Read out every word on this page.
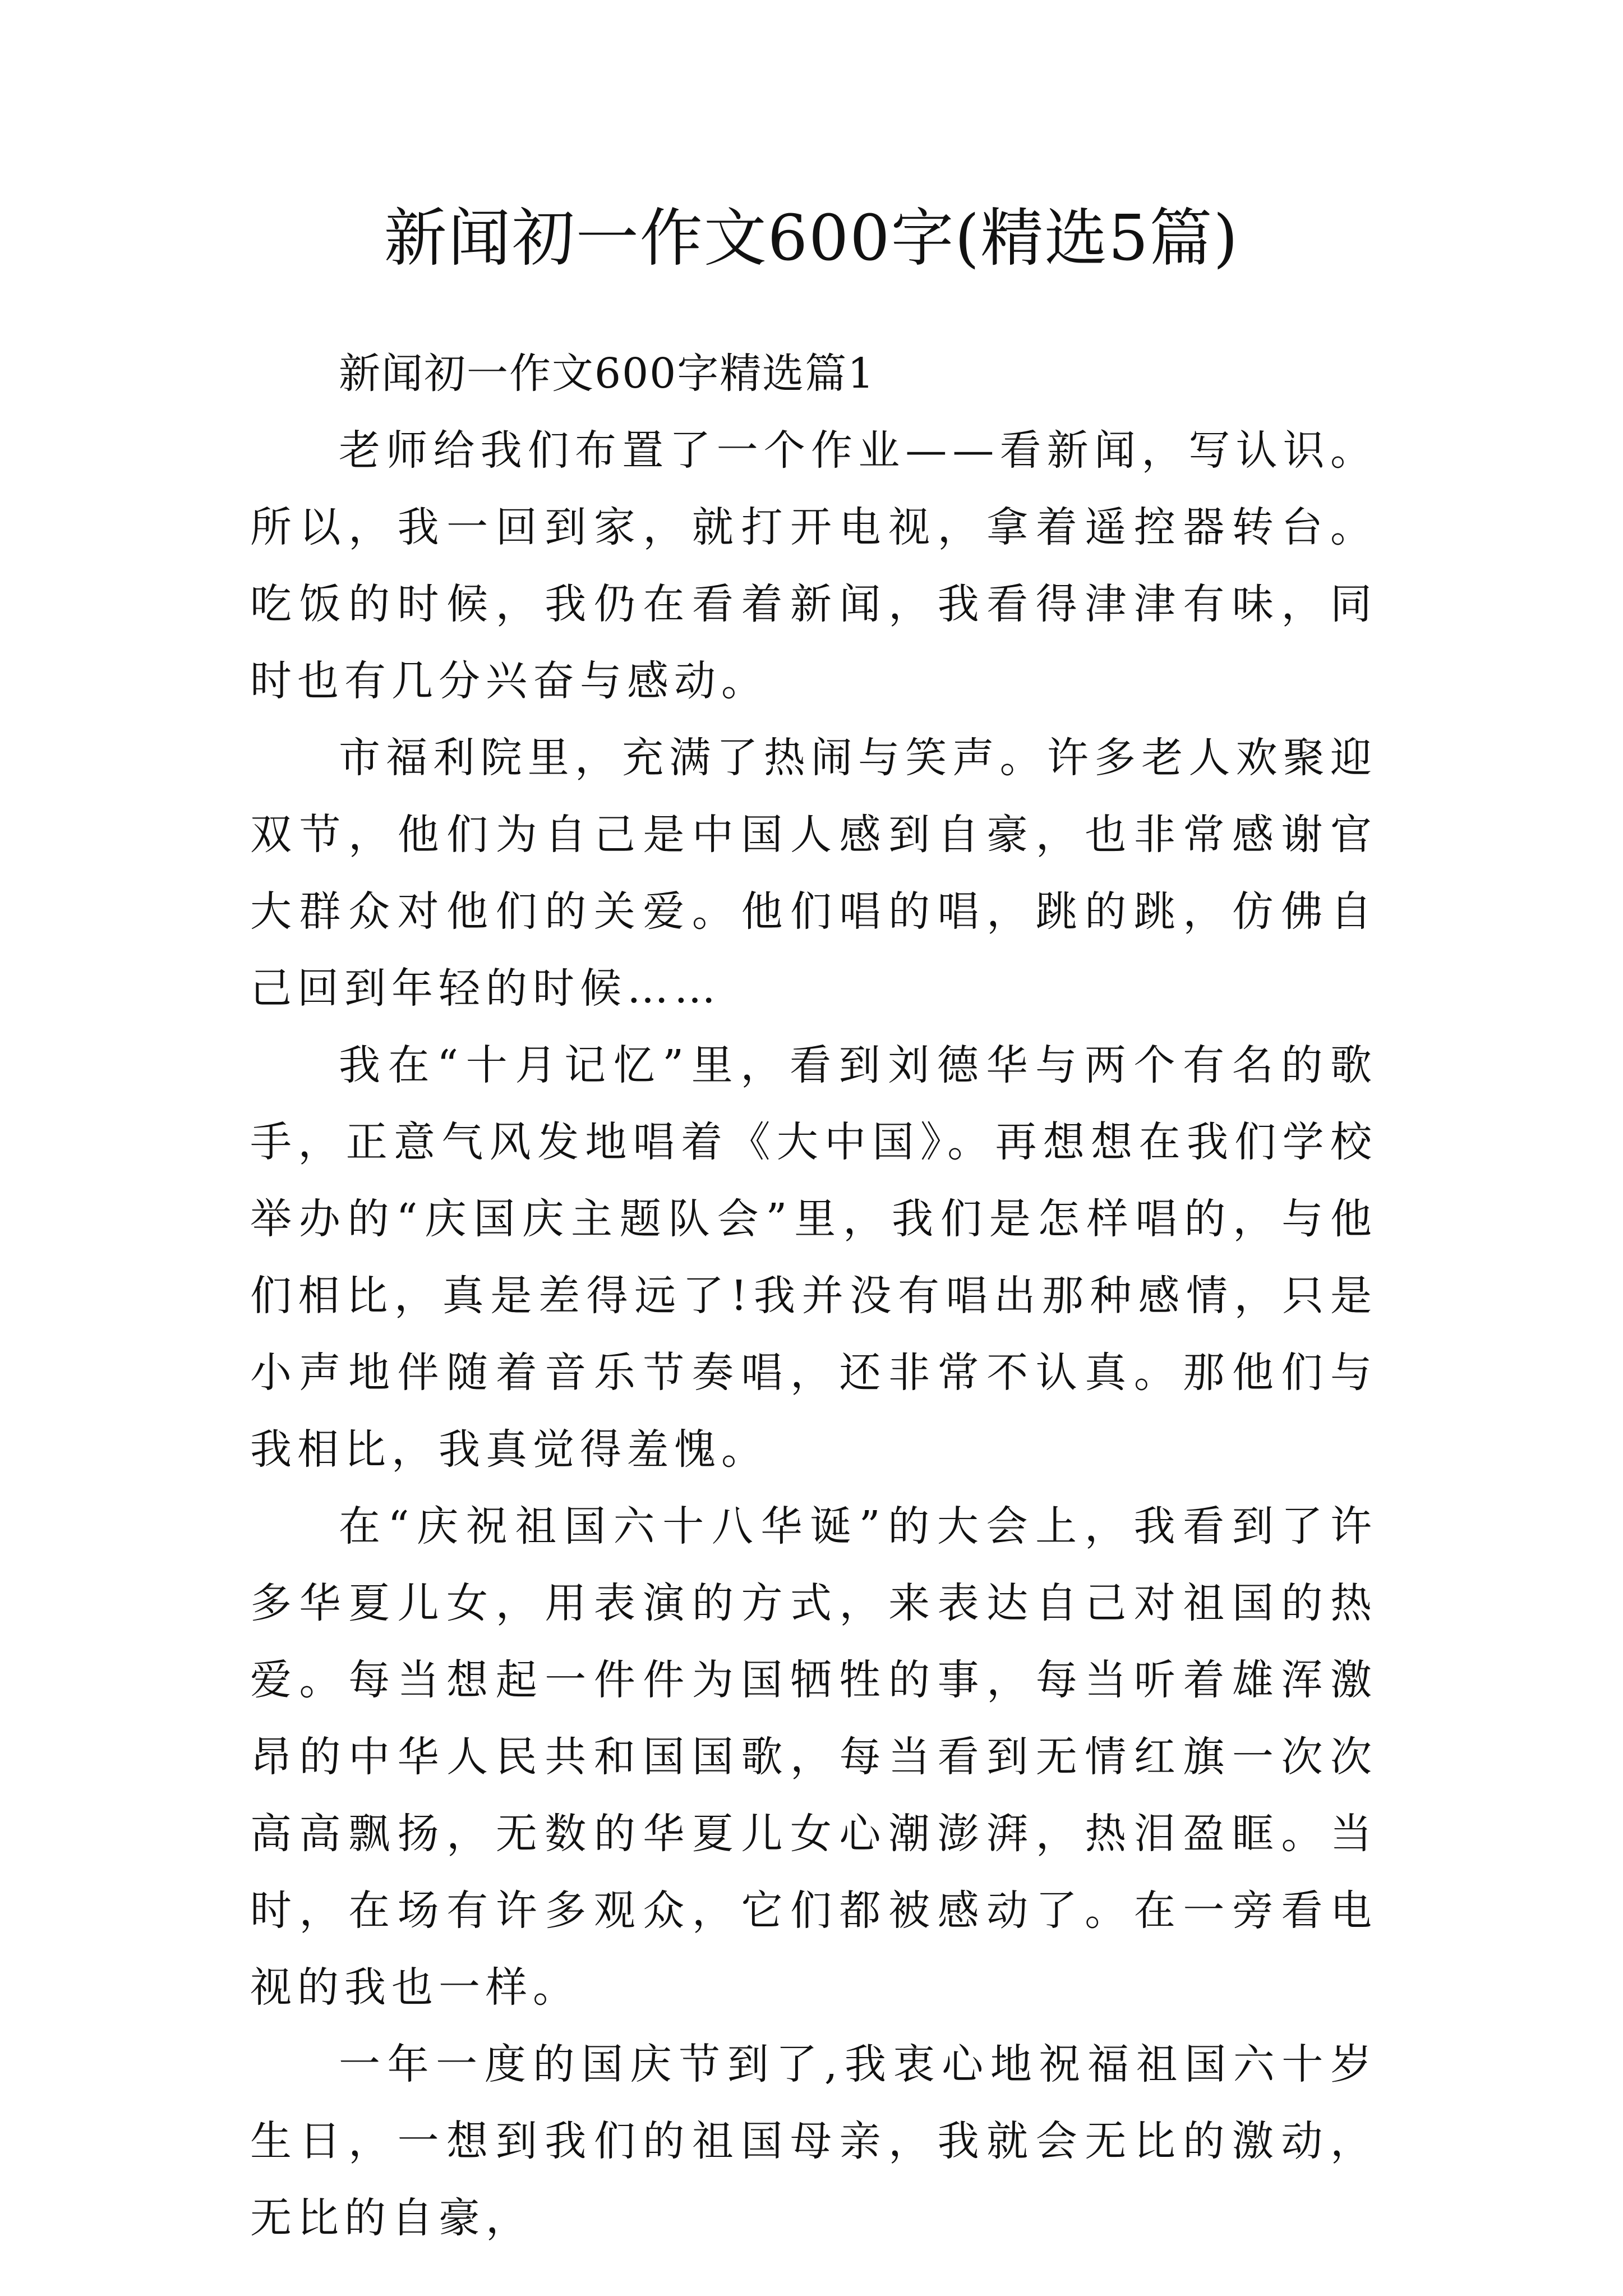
新闻初一作文600字(精选5篇)

新闻初一作文600字精选篇1

老师给我们布置了一个作业——看新闻，写认识。所以，我一回到家，就打开电视，拿着遥控器转台。吃饭的时候，我仍在看着新闻，我看得津津有味，同时也有几分兴奋与感动。

市福利院里，充满了热闹与笑声。许多老人欢聚迎双节，他们为自己是中国人感到自豪，也非常感谢官大群众对他们的关爱。他们唱的唱，跳的跳，仿佛自己回到年轻的时候……

我在“十月记忆”里，看到刘德华与两个有名的歌手，正意气风发地唱着《大中国》。再想想在我们学校举办的“庆国庆主题队会”里，我们是怎样唱的，与他们相比，真是差得远了!我并没有唱出那种感情，只是小声地伴随着音乐节奏唱，还非常不认真。那他们与我相比，我真觉得羞愧。

在“庆祝祖国六十八华诞”的大会上，我看到了许多华夏儿女，用表演的方式，来表达自己对祖国的热爱。每当想起一件件为国牺牲的事，每当听着雄浑激昂的中华人民共和国国歌，每当看到无情红旗一次次高高飘扬，无数的华夏儿女心潮澎湃，热泪盈眶。当时，在场有许多观众，它们都被感动了。在一旁看电视的我也一样。

一年一度的国庆节到了,我衷心地祝福祖国六十岁生日，一想到我们的祖国母亲，我就会无比的激动，无比的自豪，
